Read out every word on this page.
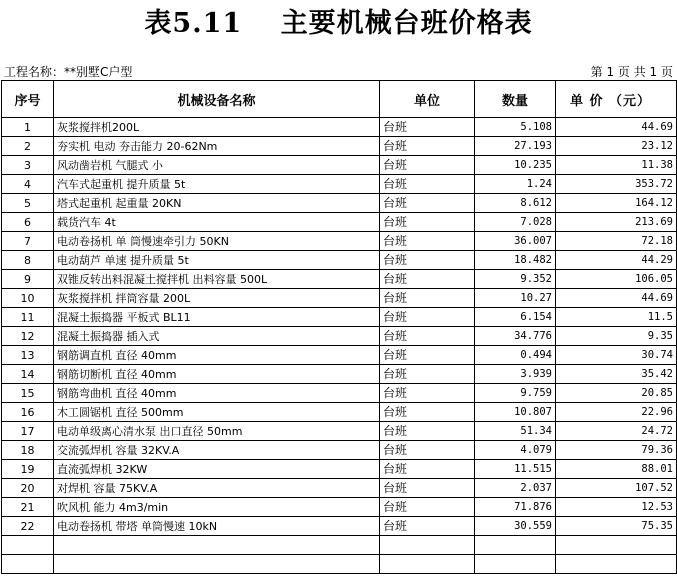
表5.11　 主要机械台班价格表
工程名称：**别墅C户型	第 1 页 共 1 页
序号	机械设备名称	单位	数量	单 价 （元）
1	灰浆搅拌机200L	台班	5.108	44.69
2	夯实机 电动 夯击能力 20-62Nm	台班	27.193	23.12
3	风动凿岩机 气腿式 小	台班	10.235	11.38
4	汽车式起重机 提升质量 5t	台班	1.24	353.72
5	塔式起重机 起重量 20KN	台班	8.612	164.12
6	载货汽车 4t	台班	7.028	213.69
7	电动卷扬机 单 筒慢速牵引力 50KN	台班	36.007	72.18
8	电动葫芦 单速 提升质量 5t	台班	18.482	44.29
9	双锥反转出料混凝土搅拌机 出料容量 500L	台班	9.352	106.05
10	灰浆搅拌机 拌筒容量 200L	台班	10.27	44.69
11	混凝土振捣器 平板式 BL11	台班	6.154	11.5
12	混凝土振捣器 插入式	台班	34.776	9.35
13	钢筋调直机 直径 40mm	台班	0.494	30.74
14	钢筋切断机 直径 40mm	台班	3.939	35.42
15	钢筋弯曲机 直径 40mm	台班	9.759	20.85
16	木工圆锯机 直径 500mm	台班	10.807	22.96
17	电动单级离心清水泵 出口直径 50mm	台班	51.34	24.72
18	交流弧焊机 容量 32KV.A	台班	4.079	79.36
19	直流弧焊机 32KW	台班	11.515	88.01
20	对焊机 容量 75KV.A	台班	2.037	107.52
21	吹风机 能力 4m3/min	台班	71.876	12.53
22	电动卷扬机 带塔 单筒慢速 10kN	台班	30.559	75.35
